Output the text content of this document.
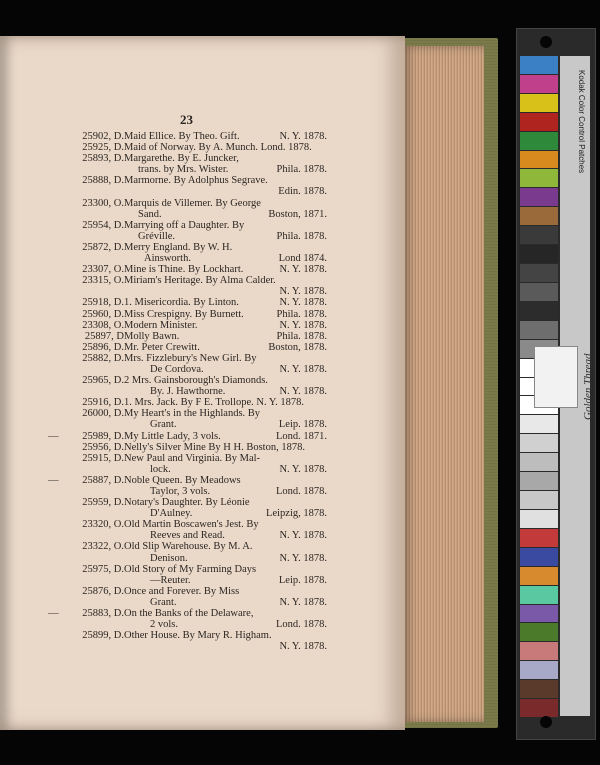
23
25902, D. Maid Ellice. By Theo. Gift.	N. Y. 1878.
25925, D. Maid of Norway. By A. Munch. Lond. 1878.
25893, D. Margarethe. By E. Juncker,
trans. by Mrs. Wister.	Phila. 1878.
25888, D. Marmorne. By Adolphus Segrave.
Edin. 1878.
23300, O. Marquis de Villemer. By George
Sand.	Boston, 1871.
25954, D. Marrying off a Daughter. By
Gréville.	Phila. 1878.
25872, D. Merry England. By W. H.
Ainsworth.	Lond 1874.
23307, O. Mine is Thine. By Lockhart.	N. Y. 1878.
23315, O. Miriam's Heritage. By Alma Calder.
N. Y. 1878.
25918, D. 1. Misericordia. By Linton.	N. Y. 1878.
25960, D. Miss Crespigny. By Burnett.	Phila. 1878.
23308, O. Modern Minister.	N. Y. 1878.
25897, D Molly Bawn.	Phila. 1878.
25896, D. Mr. Peter Crewitt.	Boston, 1878.
25882, D. Mrs. Fizzlebury's New Girl. By
De Cordova.	N. Y. 1878.
25965, D. 2 Mrs. Gainsborough's Diamonds.
By. J. Hawthorne.	N. Y. 1878.
25916, D. 1. Mrs. Jack. By F E. Trollope. N. Y. 1878.
26000, D. My Heart's in the Highlands. By
Grant.	Leip. 1878.
—	25989, D. My Little Lady, 3 vols.	Lond. 1871.
25956, D. Nelly's Silver Mine By H H. Boston, 1878.
25915, D. New Paul and Virginia. By Mal-
lock.	N. Y. 1878.
—	25887, D. Noble Queen. By Meadows
Taylor, 3 vols.	Lond. 1878.
25959, D. Notary's Daughter. By Léonie
D'Aulney.	Leipzig, 1878.
23320, O. Old Martin Boscawen's Jest. By
Reeves and Read.	N. Y. 1878.
23322, O. Old Slip Warehouse. By M. A.
Denison.	N. Y. 1878.
25975, D. Old Story of My Farming Days
—Reuter.	Leip. 1878.
25876, D. Once and Forever. By Miss
Grant.	N. Y. 1878.
—	25883, D. On the Banks of the Delaware,
2 vols.	Lond. 1878.
25899, D. Other House. By Mary R. Higham.
N. Y. 1878.
Kodak Color Control Patches
Golden Thread
